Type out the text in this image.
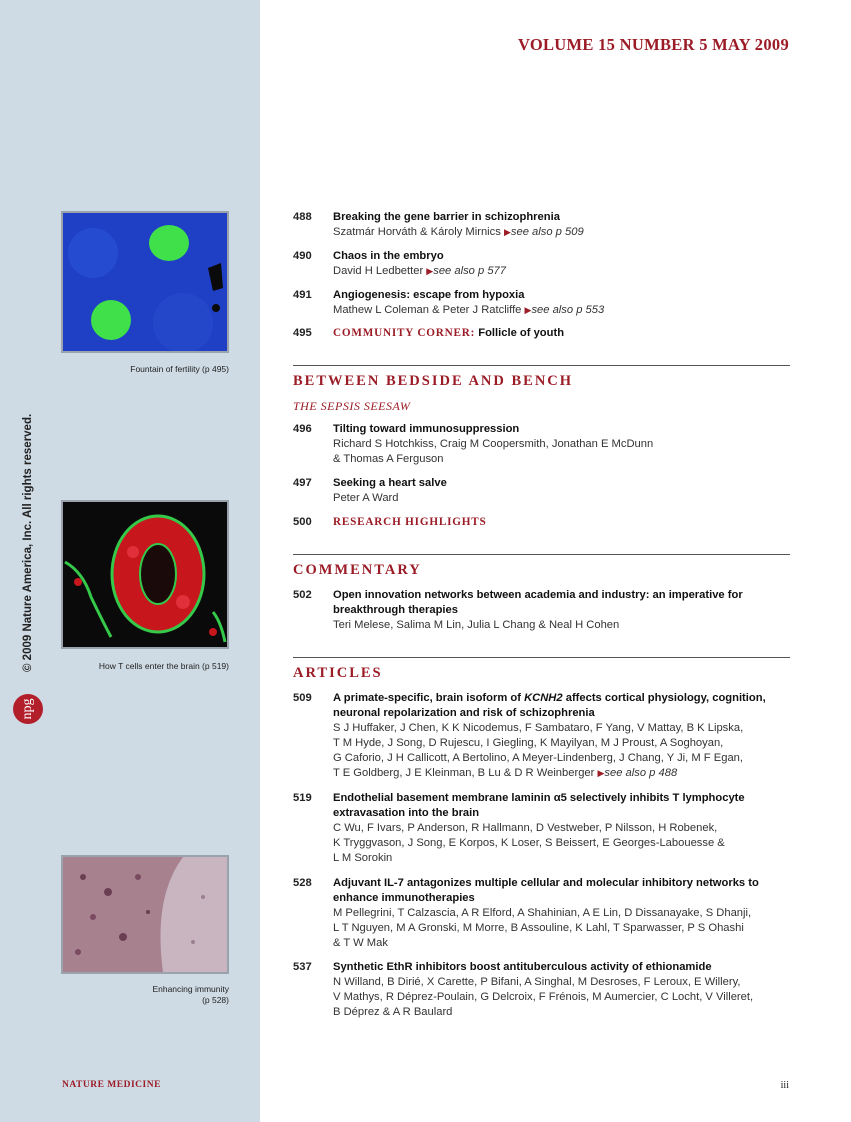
© 2009 Nature America, Inc. All rights reserved.
npg
Fountain of fertility (p 495)
How T cells enter the brain (p 519)
Enhancing immunity
(p 528)
VOLUME 15 NUMBER 5 MAY 2009
488	Breaking the gene barrier in schizophrenia
Szatmár Horváth & Károly Mirnics ▶see also p 509
490	Chaos in the embryo
David H Ledbetter ▶see also p 577
491	Angiogenesis: escape from hypoxia
Mathew L Coleman & Peter J Ratcliffe ▶see also p 553
495	COMMUNITY CORNER: Follicle of youth
BETWEEN BEDSIDE AND BENCH
THE SEPSIS SEESAW
496	Tilting toward immunosuppression
Richard S Hotchkiss, Craig M Coopersmith, Jonathan E McDunn
& Thomas A Ferguson
497	Seeking a heart salve
Peter A Ward
500	RESEARCH HIGHLIGHTS
COMMENTARY
502	Open innovation networks between academia and industry: an imperative for
breakthrough therapies
Teri Melese, Salima M Lin, Julia L Chang & Neal H Cohen
ARTICLES
509	A primate-specific, brain isoform of KCNH2 affects cortical physiology, cognition,
neuronal repolarization and risk of schizophrenia
S J Huffaker, J Chen, K K Nicodemus, F Sambataro, F Yang, V Mattay, B K Lipska,
T M Hyde, J Song, D Rujescu, I Giegling, K Mayilyan, M J Proust, A Soghoyan,
G Caforio, J H Callicott, A Bertolino, A Meyer-Lindenberg, J Chang, Y Ji, M F Egan,
T E Goldberg, J E Kleinman, B Lu & D R Weinberger ▶see also p 488
519	Endothelial basement membrane laminin α5 selectively inhibits T lymphocyte
extravasation into the brain
C Wu, F Ivars, P Anderson, R Hallmann, D Vestweber, P Nilsson, H Robenek,
K Tryggvason, J Song, E Korpos, K Loser, S Beissert, E Georges-Labouesse &
L M Sorokin
528	Adjuvant IL-7 antagonizes multiple cellular and molecular inhibitory networks to
enhance immunotherapies
M Pellegrini, T Calzascia, A R Elford, A Shahinian, A E Lin, D Dissanayake, S Dhanji,
L T Nguyen, M A Gronski, M Morre, B Assouline, K Lahl, T Sparwasser, P S Ohashi
& T W Mak
537	Synthetic EthR inhibitors boost antituberculous activity of ethionamide
N Willand, B Dirié, X Carette, P Bifani, A Singhal, M Desroses, F Leroux, E Willery,
V Mathys, R Déprez-Poulain, G Delcroix, F Frénois, M Aumercier, C Locht, V Villeret,
B Déprez & A R Baulard
NATURE MEDICINE	iii
